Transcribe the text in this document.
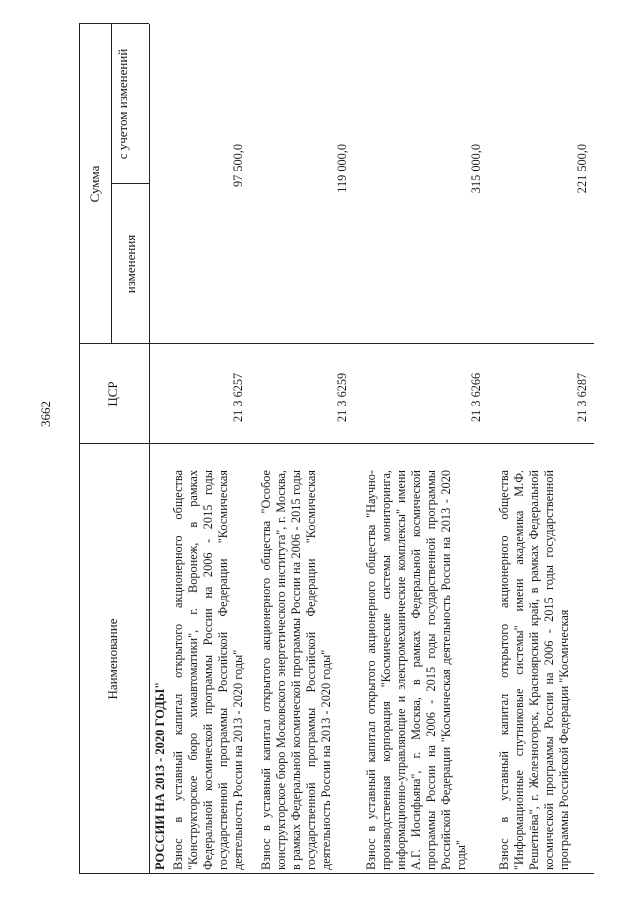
3662
Наименование
ЦСР
Сумма
изменения
с учетом изменений
РОССИИ НА 2013 - 2020 ГОДЫ" Взнос в уставный капитал открытого акционерного общества "Конструкторское бюро химавтоматики", г. Воронеж, в рамках Федеральной космической программы России на 2006 - 2015 годы государственной программы Российской Федерации "Космическая деятельность России на 2013 - 2020 годы"
21 3 6257
97 500,0
Взнос в уставный капитал открытого акционерного общества "Особое конструкторское бюро Московского энергетического института", г. Москва, в рамках Федеральной космической программы России на 2006 - 2015 годы государственной программы Российской Федерации "Космическая деятельность России на 2013 - 2020 годы"
21 3 6259
119 000,0
Взнос в уставный капитал открытого акционерного общества "Научно-производственная корпорация "Космические системы мониторинга, информационно-управляющие и электромеханические комплексы" имени А.Г. Иосифьяна", г. Москва, в рамках Федеральной космической программы России на 2006 - 2015 годы государственной программы Российской Федерации "Космическая деятельность России на 2013 - 2020 годы"
21 3 6266
315 000,0
Взнос в уставный капитал открытого акционерного общества "Информационные спутниковые системы" имени академика М.Ф. Решетнёва", г. Железногорск, Красноярский край, в рамках Федеральной космической программы России на 2006 - 2015 годы государственной программы Российской Федерации "Космическая
21 3 6287
221 500,0
